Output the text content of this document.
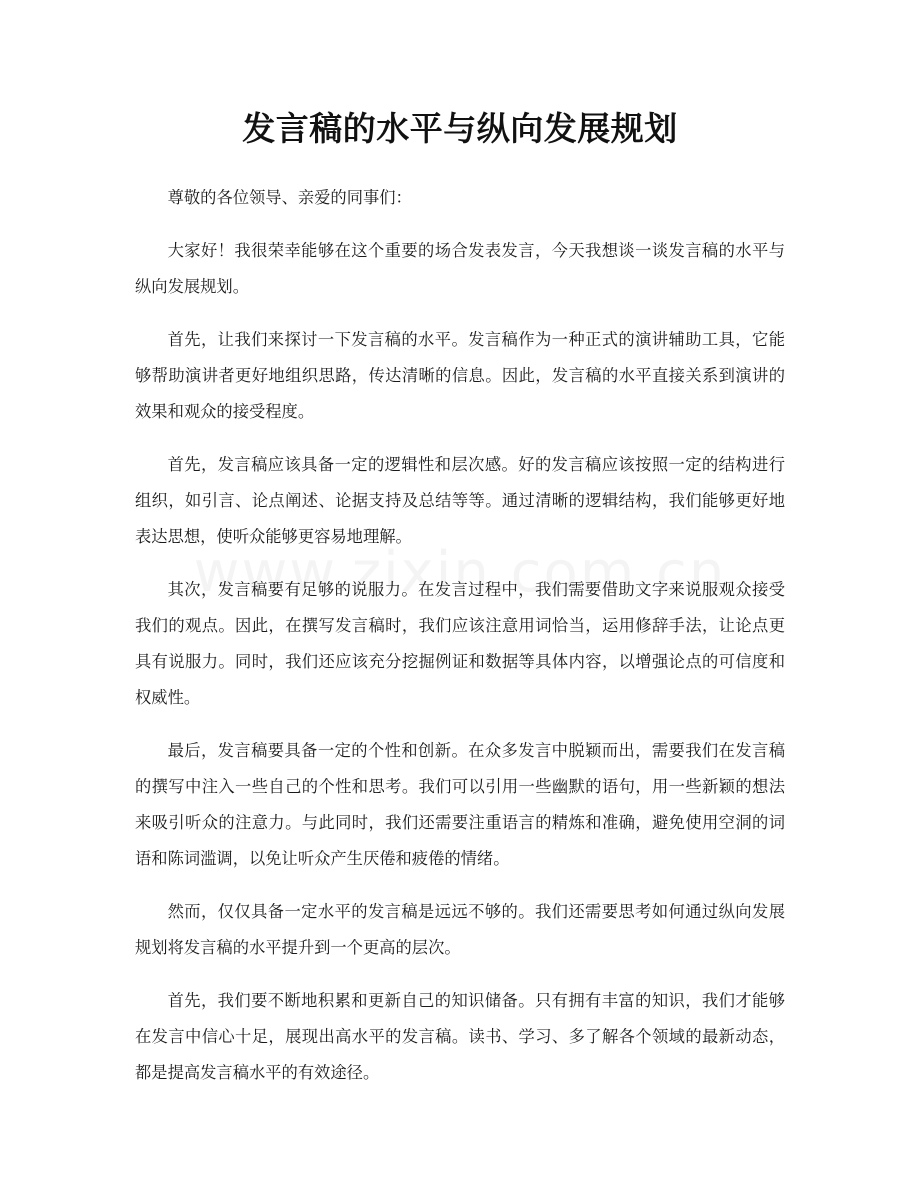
发言稿的水平与纵向发展规划

尊敬的各位领导、亲爱的同事们：

大家好！我很荣幸能够在这个重要的场合发表发言，今天我想谈一谈发言稿的水平与纵向发展规划。

首先，让我们来探讨一下发言稿的水平。发言稿作为一种正式的演讲辅助工具，它能够帮助演讲者更好地组织思路，传达清晰的信息。因此，发言稿的水平直接关系到演讲的效果和观众的接受程度。

首先，发言稿应该具备一定的逻辑性和层次感。好的发言稿应该按照一定的结构进行组织，如引言、论点阐述、论据支持及总结等等。通过清晰的逻辑结构，我们能够更好地表达思想，使听众能够更容易地理解。

其次，发言稿要有足够的说服力。在发言过程中，我们需要借助文字来说服观众接受我们的观点。因此，在撰写发言稿时，我们应该注意用词恰当，运用修辞手法，让论点更具有说服力。同时，我们还应该充分挖掘例证和数据等具体内容，以增强论点的可信度和权威性。

最后，发言稿要具备一定的个性和创新。在众多发言中脱颖而出，需要我们在发言稿的撰写中注入一些自己的个性和思考。我们可以引用一些幽默的语句，用一些新颖的想法来吸引听众的注意力。与此同时，我们还需要注重语言的精炼和准确，避免使用空洞的词语和陈词滥调，以免让听众产生厌倦和疲倦的情绪。

然而，仅仅具备一定水平的发言稿是远远不够的。我们还需要思考如何通过纵向发展规划将发言稿的水平提升到一个更高的层次。

首先，我们要不断地积累和更新自己的知识储备。只有拥有丰富的知识，我们才能够在发言中信心十足，展现出高水平的发言稿。读书、学习、多了解各个领域的最新动态，都是提高发言稿水平的有效途径。
